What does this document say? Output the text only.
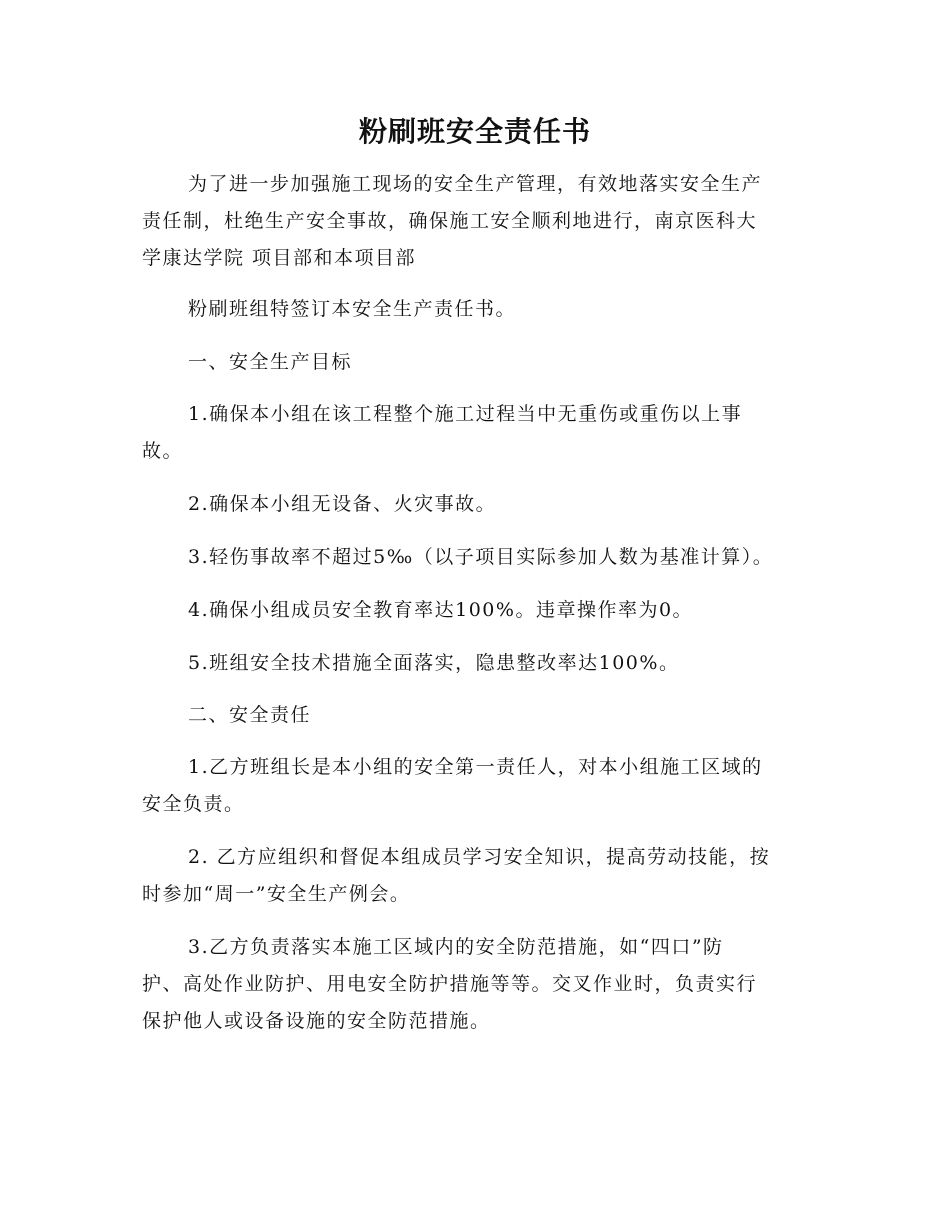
粉刷班安全责任书
为了进一步加强施工现场的安全生产管理，有效地落实安全生产
责任制，杜绝生产安全事故，确保施工安全顺利地进行，南京医科大
学康达学院 项目部和本项目部
粉刷班组特签订本安全生产责任书。
一、安全生产目标
1.确保本小组在该工程整个施工过程当中无重伤或重伤以上事
故。
2.确保本小组无设备、火灾事故。
3.轻伤事故率不超过5‰（以子项目实际参加人数为基准计算）。
4.确保小组成员安全教育率达100%。违章操作率为0。
5.班组安全技术措施全面落实，隐患整改率达100%。
二、安全责任
1.乙方班组长是本小组的安全第一责任人，对本小组施工区域的
安全负责。
2. 乙方应组织和督促本组成员学习安全知识，提高劳动技能，按
时参加“周一”安全生产例会。
3.乙方负责落实本施工区域内的安全防范措施，如“四口”防
护、高处作业防护、用电安全防护措施等等。交叉作业时，负责实行
保护他人或设备设施的安全防范措施。
